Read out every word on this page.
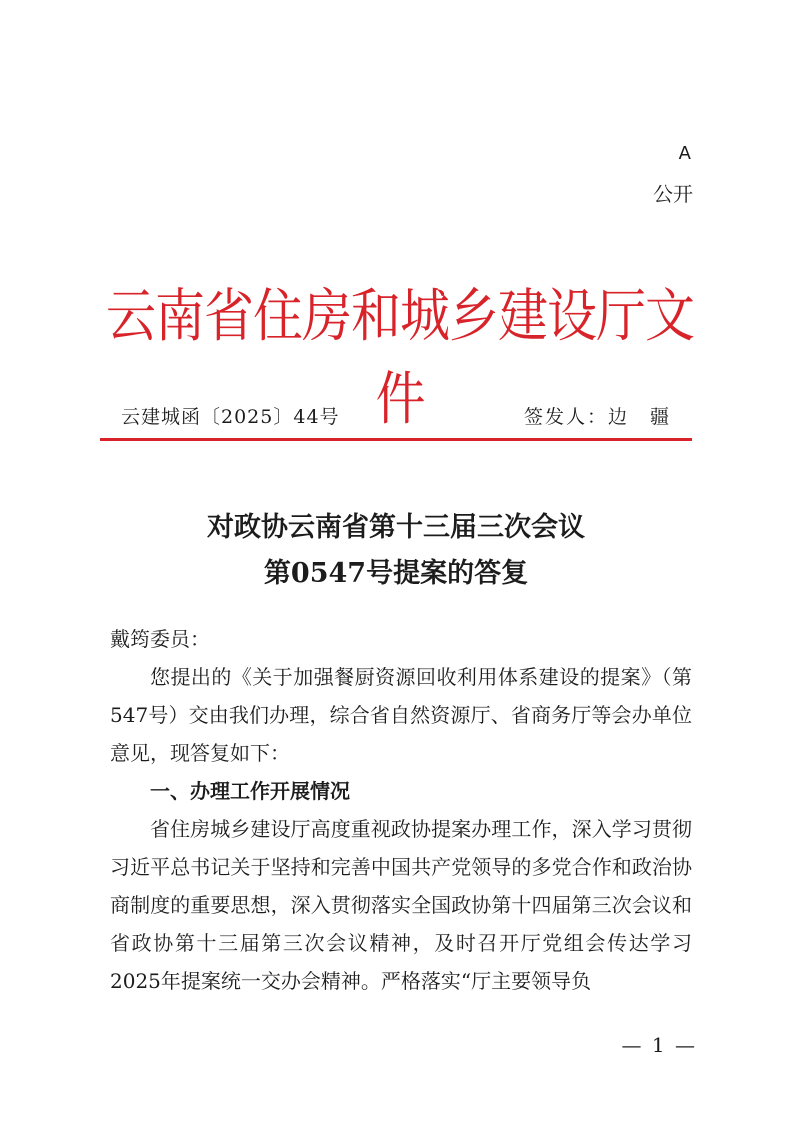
A
公开
云南省住房和城乡建设厅文件
云建城函〔2025〕44号	签发人：边　疆
对政协云南省第十三届三次会议
第0547号提案的答复

戴筠委员：

您提出的《关于加强餐厨资源回收利用体系建设的提案》（第547号）交由我们办理，综合省自然资源厅、省商务厅等会办单位意见，现答复如下：

一、办理工作开展情况

省住房城乡建设厅高度重视政协提案办理工作，深入学习贯彻习近平总书记关于坚持和完善中国共产党领导的多党合作和政治协商制度的重要思想，深入贯彻落实全国政协第十四届第三次会议和省政协第十三届第三次会议精神，及时召开厅党组会传达学习2025年提案统一交办会精神。严格落实“厅主要领导负

— 1 —
